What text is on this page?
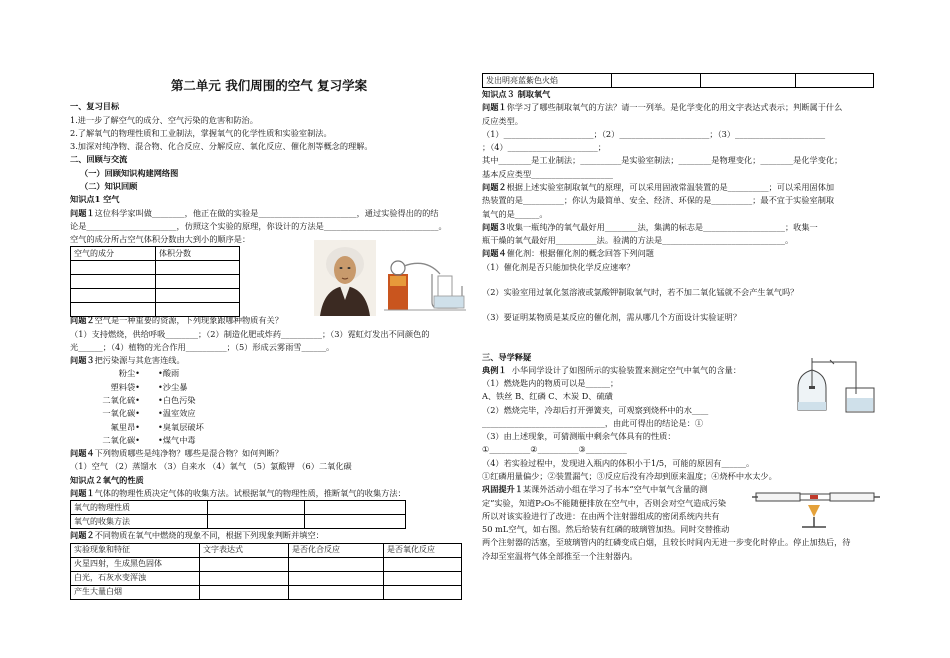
第二单元 我们周围的空气 复习学案

一、复习目标

1.进一步了解空气的成分、空气污染的危害和防治。

2.了解氧气的物理性质和工业制法，掌握氧气的化学性质和实验室制法。

3.加深对纯净物、混合物、化合反应、分解反应、氧化反应、催化剂等概念的理解。

二、回顾与交流

（一）回顾知识构建网络图

（二）知识回顾

知识点1 空气

问题１这位科学家叫做________，他正在做的实验是________________________，通过实验得出的的结

论是______________________，仿照这个实验的原理，你设计的方法是____________________________。

空气的成分所占空气体积分数由大到小的顺序是：

空气的成分	体积分数

问题２空气是一种重要的资源，下列现象跟哪种物质有关？

（1）支持燃烧，供给呼吸________；（2）制造化肥或炸药__________；（3）霓虹灯发出不同颜色的

光______；（4）植物的光合作用__________；（5）形成云雾雨雪______。

问题３把污染源与其危害连线。

粉尘•	•酸雨
塑料袋•	•沙尘暴
二氧化硫•	•白色污染
一氧化碳•	•温室效应
氟里昂•	•臭氧层破坏
二氧化碳•	•煤气中毒

问题４下列物质哪些是纯净物？哪些是混合物？如何判断？

（1）空气 （2）蒸馏水 （3）自来水 （4）氧气 （5）氯酸钾 （6）二氧化碳

知识点２氧气的性质

问题１气体的物理性质决定气体的收集方法。试根据氧气的物理性质，推断氧气的收集方法：

氧气的物理性质		
氧气的收集方法		

问题２不同物质在氧气中燃烧的现象不同，根据下列现象判断并填空：

实验现象和特征	文字表达式	是否化合反应	是否氧化反应
火星四射，生成黑色固体			
白光，石灰水变浑浊			
产生大量白烟			
发出明亮蓝紫色火焰			

知识点３ 制取氧气

问题１你学习了哪些制取氧气的方法？请一一列举。是化学变化的用文字表达式表示；判断属于什么

反应类型。

（1）______________________；（2）______________________；（3）______________________

；（4）______________________；

其中________是工业制法；__________是实验室制法；________是物理变化；________是化学变化；

基本反应类型____________________

问题２根据上述实验室制取氧气的原理，可以采用固液常温装置的是__________；可以采用固体加

热装置的是__________；你认为最简单、安全、经济、环保的是__________；最不宜于实验室制取

氧气的是______。

问题３收集一瓶纯净的氧气最好用________法，集满的标志是____________________；收集一

瓶干燥的氧气最好用__________法。验满的方法是______________________________。

问题４催化剂：根据催化剂的概念回答下列问题

（1）催化剂是否只能加快化学反应速率？

（2）实验室用过氧化氢溶液或氯酸钾制取氧气时，若不加二氧化锰就不会产生氧气吗？

（3）要证明某物质是某反应的催化剂，需从哪几个方面设计实验证明？

三、导学释疑

典例１ 小华同学设计了如图所示的实验装置来测定空气中氧气的含量：

（1）燃烧匙内的物质可以是______；

A、铁丝 B、红磷 C、木炭 D、硫磺

（2）燃烧完毕，冷却后打开弹簧夹，可观察到烧杯中的水____

______________________________，由此可得出的结论是：①

（3）由上述现象，可猜测瓶中剩余气体具有的性质：

①__________②__________③__________

（4）若实验过程中，发现进入瓶内的体积小于1/5，可能的原因有______。

①红磷用量偏少；②装置漏气；③反应后没有冷却到原来温度；④烧杯中水太少。

巩固提升１某课外活动小组在学习了书本“空气中氧气含量的测

定”实验，知道P₂O₅不能随便排放在空气中，否则会对空气造成污染

所以对该实验进行了改进：在由两个注射器组成的密闭系统内共有

50 mL空气，如右图。然后给装有红磷的玻璃管加热。同时交替推动

两个注射器的活塞，至玻璃管内的红磷变成白烟，且较长时间内无进一步变化时停止。停止加热后，待

冷却至室温将气体全部推至一个注射器内。
